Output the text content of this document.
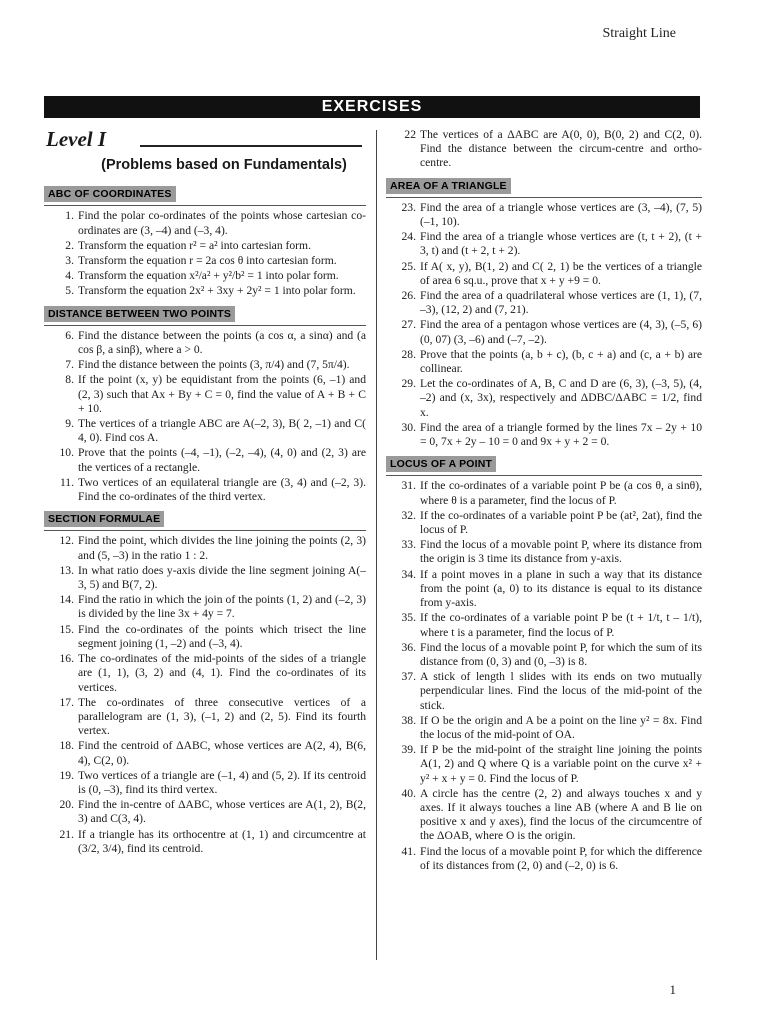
Straight Line
EXERCISES
Level I
(Problems based on Fundamentals)
ABC OF COORDINATES
1. Find the polar co-ordinates of the points whose cartesian co-ordinates are (3, –4) and (–3, 4).
2. Transform the equation r² = a² into cartesian form.
3. Transform the equation r = 2a cos θ into cartesian form.
4. Transform the equation x²/a² + y²/b² = 1 into polar form.
5. Transform the equation 2x² + 3xy + 2y² = 1 into polar form.
DISTANCE BETWEEN TWO POINTS
6. Find the distance between the points (a cos α, a sinα) and (a cos β, a sinβ), where a > 0.
7. Find the distance between the points (3, π/4) and (7, 5π/4).
8. If the point (x, y) be equidistant from the points (6, –1) and (2, 3) such that Ax + By + C = 0, find the value of A + B + C + 10.
9. The vertices of a triangle ABC are A(–2, 3), B( 2, –1) and C( 4, 0). Find cos A.
10. Prove that the points (–4, –1), (–2, –4), (4, 0) and (2, 3) are the vertices of a rectangle.
11. Two vertices of an equilateral triangle are (3, 4) and (–2, 3). Find the co-ordinates of the third vertex.
SECTION FORMULAE
12. Find the point, which divides the line joining the points (2, 3) and (5, –3) in the ratio 1 : 2.
13. In what ratio does y-axis divide the line segment joining A(–3, 5) and B(7, 2).
14. Find the ratio in which the join of the points (1, 2) and (–2, 3) is divided by the line 3x + 4y = 7.
15. Find the co-ordinates of the points which trisect the line segment joining (1, –2) and (–3, 4).
16. The co-ordinates of the mid-points of the sides of a triangle are (1, 1), (3, 2) and (4, 1). Find the co-ordinates of its vertices.
17. The co-ordinates of three consecutive vertices of a parallelogram are (1, 3), (–1, 2) and (2, 5). Find its fourth vertex.
18. Find the centroid of ΔABC, whose vertices are A(2, 4), B(6, 4), C(2, 0).
19. Two vertices of a triangle are (–1, 4) and (5, 2). If its centroid is (0, –3), find its third vertex.
20. Find the in-centre of ΔABC, whose vertices are A(1, 2), B(2, 3) and C(3, 4).
21. If a triangle has its orthocentre at (1, 1) and circumcentre at (3/2, 3/4), find its centroid.
22 The vertices of a ΔABC are A(0, 0), B(0, 2) and C(2, 0). Find the distance between the circum-centre and ortho-centre.
AREA OF A TRIANGLE
23. Find the area of a triangle whose vertices are (3, –4), (7, 5) (–1, 10).
24. Find the area of a triangle whose vertices are (t, t + 2), (t + 3, t) and (t + 2, t + 2).
25. If A( x, y), B(1, 2) and C( 2, 1) be the vertices of a triangle of area 6 sq.u., prove that x + y +9 = 0.
26. Find the area of a quadrilateral whose vertices are (1, 1), (7, –3), (12, 2) and (7, 21).
27. Find the area of a pentagon whose vertices are (4, 3), (–5, 6) (0, 07) (3, –6) and (–7, –2).
28. Prove that the points (a, b + c), (b, c + a) and (c, a + b) are collinear.
29. Let the co-ordinates of A, B, C and D are (6, 3), (–3, 5), (4, –2) and (x, 3x), respectively and ΔDBC/ΔABC = 1/2, find x.
30. Find the area of a triangle formed by the lines 7x – 2y + 10 = 0, 7x + 2y – 10 = 0 and 9x + y + 2 = 0.
LOCUS OF A POINT
31. If the co-ordinates of a variable point P be (a cos θ, a sinθ), where θ is a parameter, find the locus of P.
32. If the co-ordinates of a variable point P be (at², 2at), find the locus of P.
33. Find the locus of a movable point P, where its distance from the origin is 3 time its distance from y-axis.
34. If a point moves in a plane in such a way that its distance from the point (a, 0) to its distance is equal to its distance from y-axis.
35. If the co-ordinates of a variable point P be (t + 1/t, t – 1/t), where t is a parameter, find the locus of P.
36. Find the locus of a movable point P, for which the sum of its distance from (0, 3) and (0, –3) is 8.
37. A stick of length l slides with its ends on two mutually perpendicular lines. Find the locus of the mid-point of the stick.
38. If O be the origin and A be a point on the line y² = 8x. Find the locus of the mid-point of OA.
39. If P be the mid-point of the straight line joining the points A(1, 2) and Q where Q is a variable point on the curve x² + y² + x + y = 0. Find the locus of P.
40. A circle has the centre (2, 2) and always touches x and y axes. If it always touches a line AB (where A and B lie on positive x and y axes), find the locus of the circumcentre of the ΔOAB, where O is the origin.
41. Find the locus of a movable point P, for which the difference of its distances from (2, 0) and (–2, 0) is 6.
1
